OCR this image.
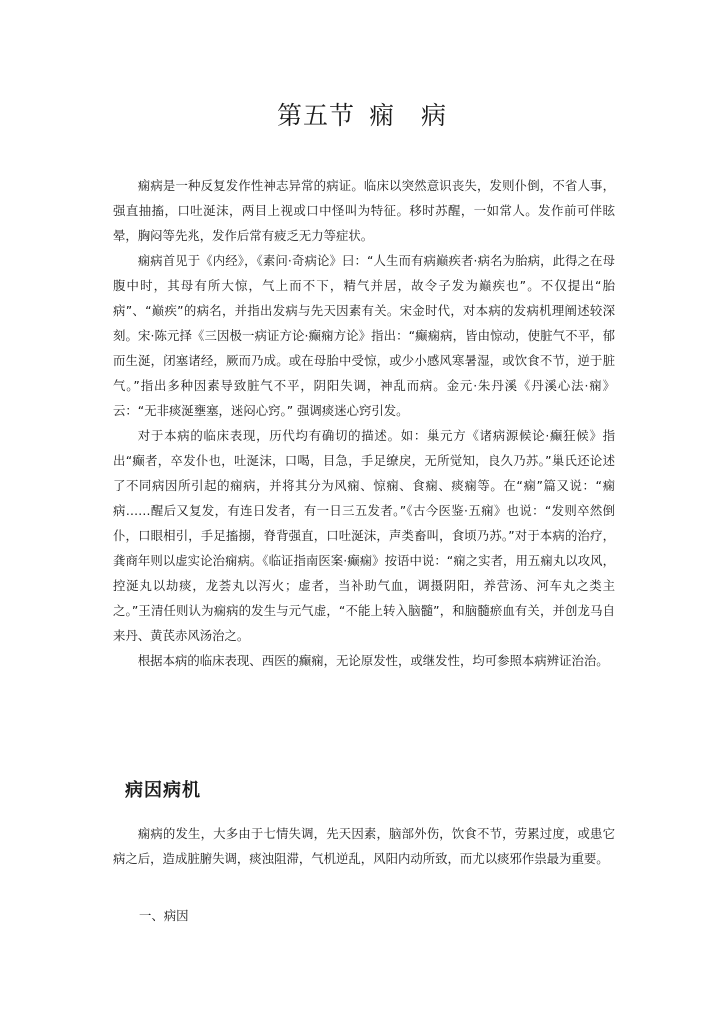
第五节 痫　病

痫病是一种反复发作性神志异常的病证。临床以突然意识丧失，发则仆倒，不省人事，强直抽搐，口吐涎沫，两目上视或口中怪叫为特征。移时苏醒，一如常人。发作前可伴眩晕，胸闷等先兆，发作后常有疲乏无力等症状。

痫病首见于《内经》，《素问·奇病论》曰：“人生而有病巅疾者·病名为胎病，此得之在母腹中时，其母有所大惊，气上而不下，精气并居，故令子发为巅疾也”。不仅提出“胎病”、“巅疾”的病名，并指出发病与先天因素有关。宋金时代，对本病的发病机理阐述较深刻。宋·陈元择《三因极一病证方论·癫痫方论》指出：“癫痫病，皆由惊动，使脏气不平，郁而生涎，闭塞诸经，厥而乃成。或在母胎中受惊，或少小感风寒暑湿，或饮食不节，逆于脏气。”指出多种因素导致脏气不平，阴阳失调，神乱而病。金元·朱丹溪《丹溪心法·痫》云：“无非痰涎壅塞，迷闷心窍。” 强调痰迷心窍引发。

对于本病的临床表现，历代均有确切的描述。如：巢元方《诸病源候论·癫狂候》指出“癫者，卒发仆也，吐涎沫，口喝，目急，手足缭戾，无所觉知，良久乃苏。”巢氏还论述了不同病因所引起的痫病，并将其分为风痫、惊痫、食痫、痰痫等。在“痫”篇又说：“痫病……醒后又复发，有连日发者，有一日三五发者。”《古今医鉴·五痫》也说：“发则卒然倒仆，口眼相引，手足搐搦，脊背强直，口吐涎沫，声类畜叫，食顷乃苏。”对于本病的治疗，龚商年则以虚实论治痫病。《临证指南医案·癫痫》按语中说：“痫之实者，用五痫丸以攻风，控涎丸以劫痰，龙荟丸以泻火；虚者，当补助气血，调摄阴阳，养营汤、河车丸之类主之。”王清任则认为痫病的发生与元气虚，“不能上转入脑髓”，和脑髓瘀血有关，并创龙马自来丹、黄芪赤风汤治之。

根据本病的临床表现、西医的癫痫，无论原发性，或继发性，均可参照本病辨证治治。

病因病机

痫病的发生，大多由于七情失调，先天因素，脑部外伤，饮食不节，劳累过度，或患它病之后，造成脏腑失调，痰浊阻滞，气机逆乱，风阳内动所致，而尤以痰邪作祟最为重要。

一、病因
